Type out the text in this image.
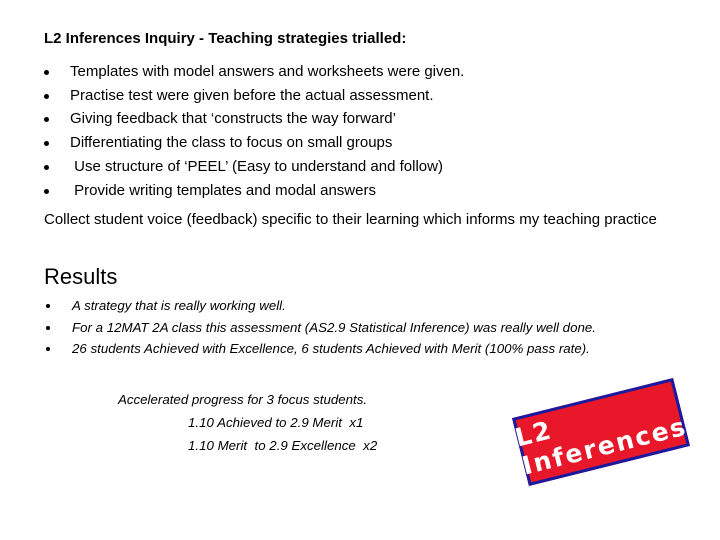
L2 Inferences Inquiry - Teaching strategies trialled:
Templates with model answers and worksheets were given.
Practise test were given before the actual assessment.
Giving feedback that ‘constructs the way forward’
Differentiating the class to focus on small groups
Use structure of ‘PEEL’ (Easy to understand and follow)
Provide writing templates and modal answers
Collect student voice (feedback) specific to their learning which informs my teaching practice
Results
A strategy that is really working well.
For a 12MAT 2A class this assessment (AS2.9 Statistical Inference) was really well done.
26 students Achieved with Excellence, 6 students Achieved with Merit (100% pass rate).
Accelerated progress for 3 focus students.
1.10 Achieved to 2.9 Merit  x1
1.10 Merit  to 2.9 Excellence  x2	L2 Inferences
